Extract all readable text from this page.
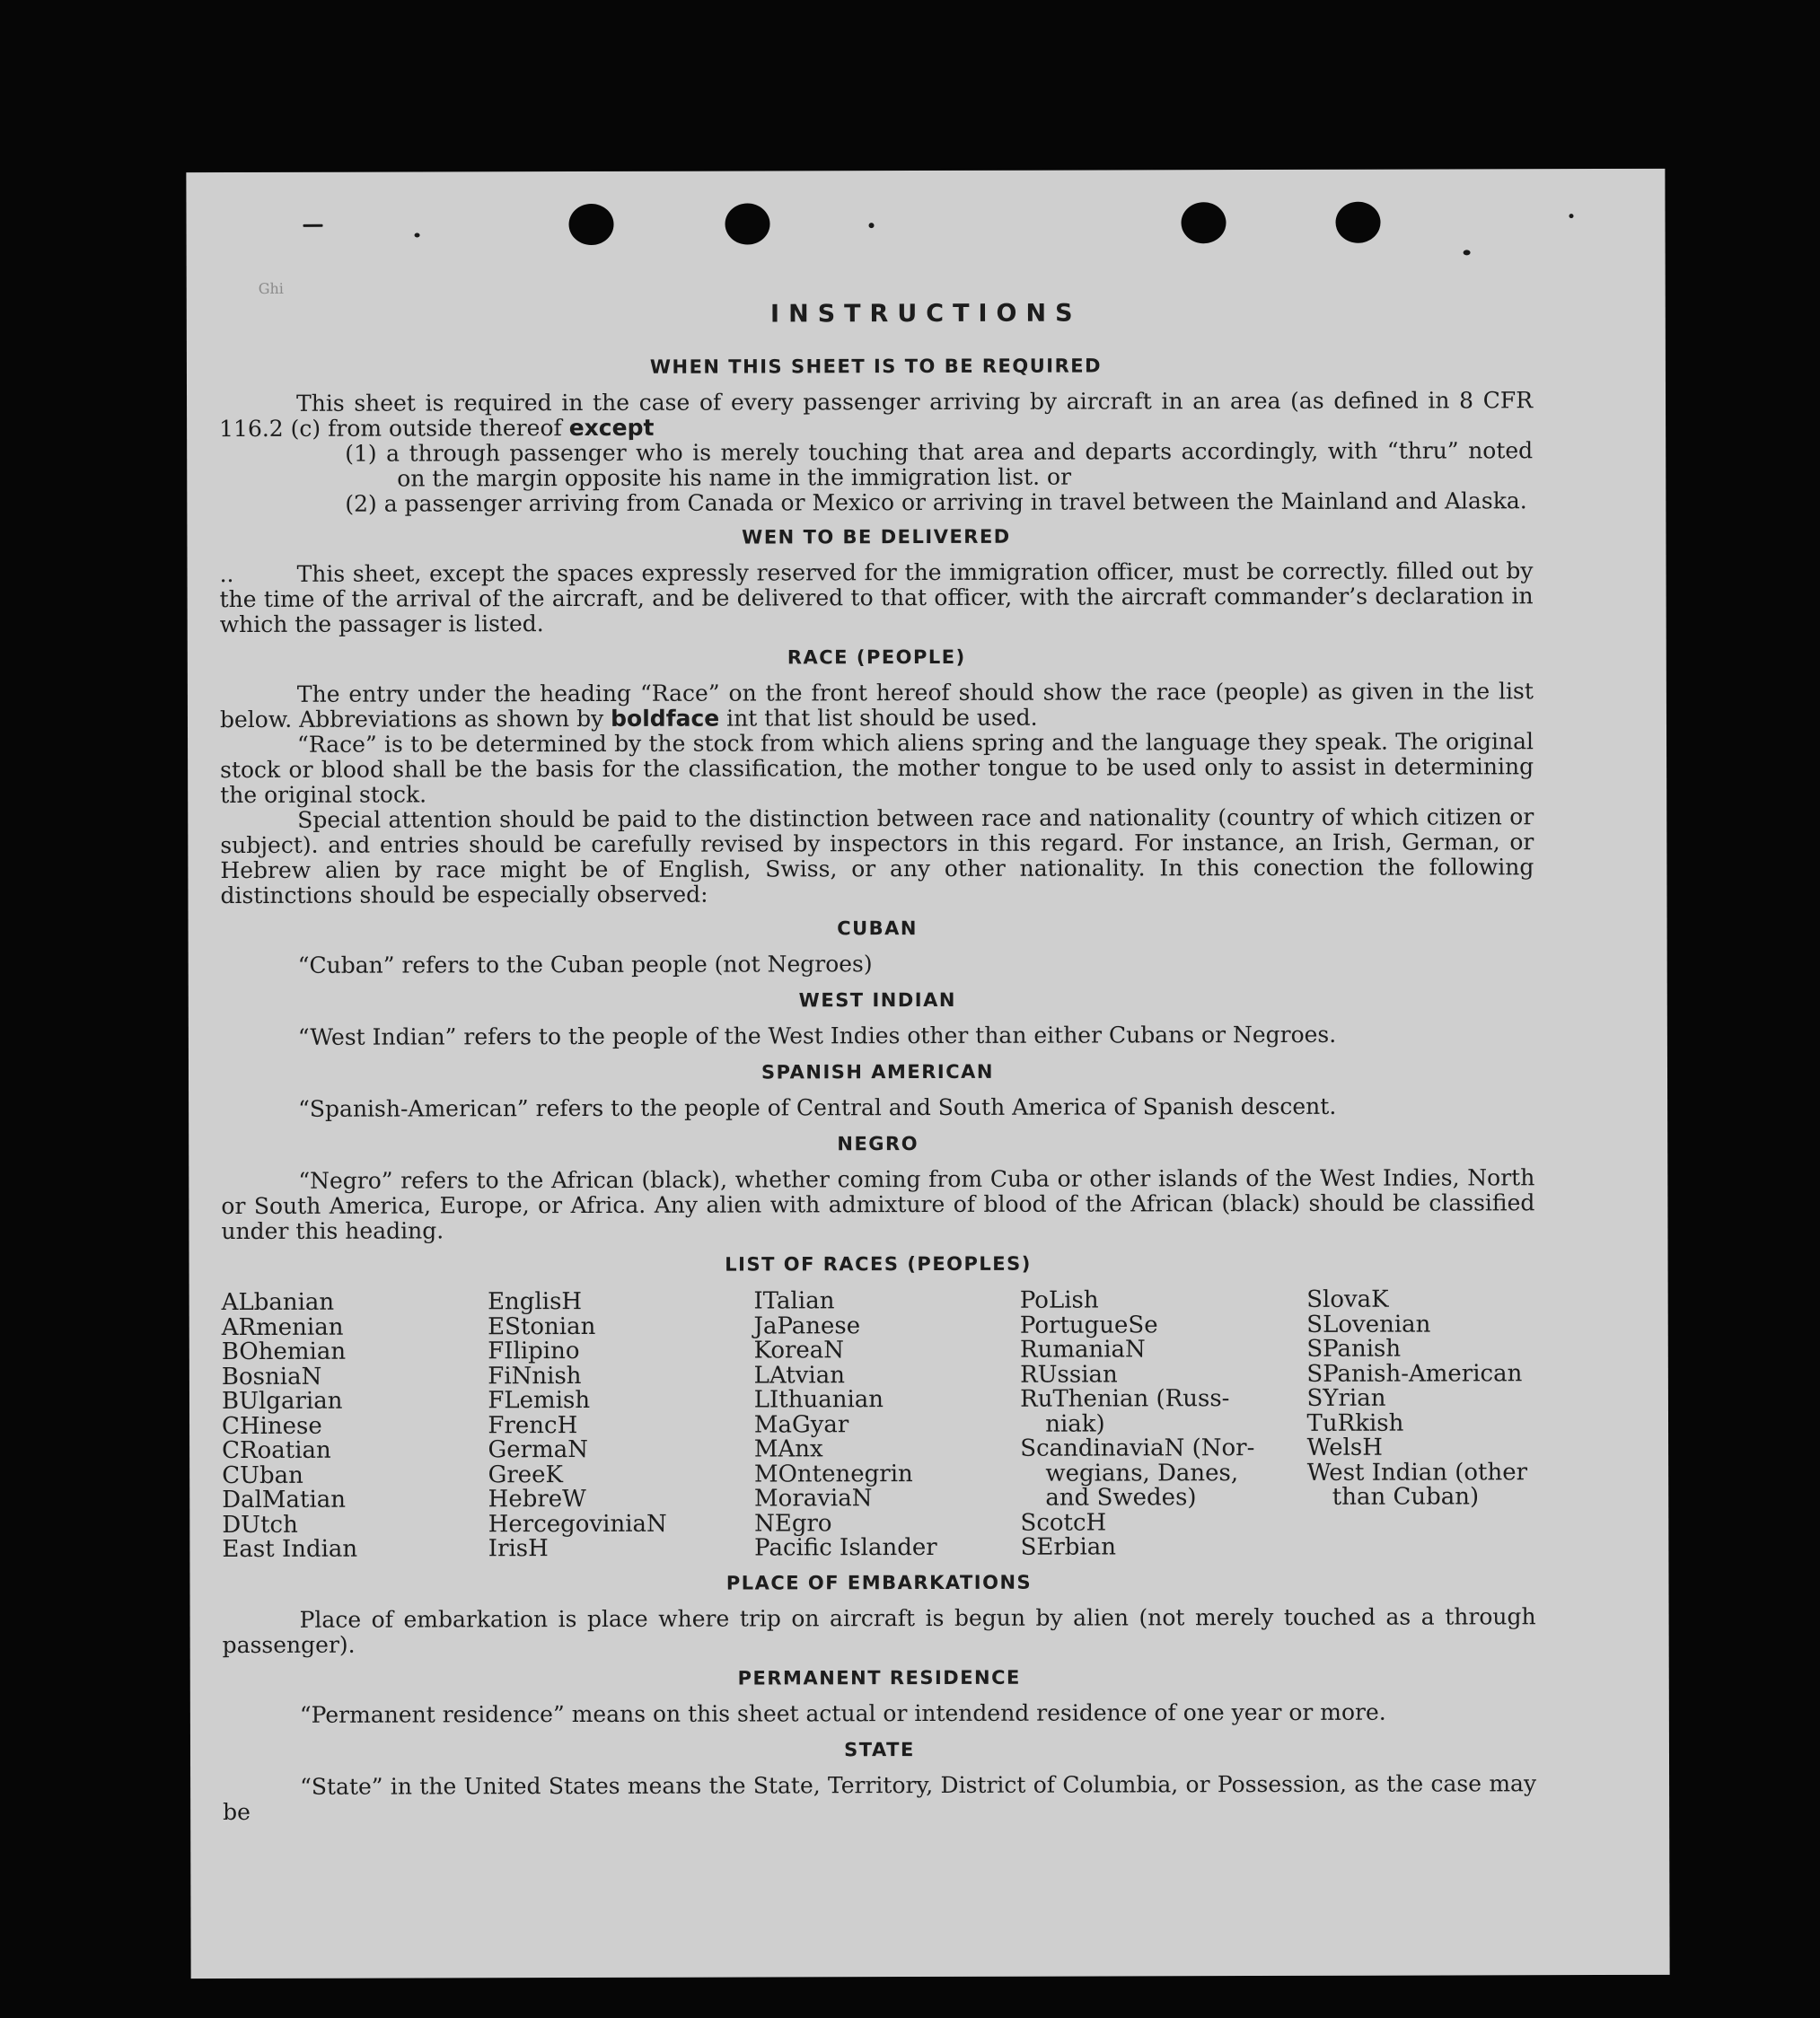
Ghi
INSTRUCTIONS
WHEN THIS SHEET IS TO BE REQUIRED

This sheet is required in the case of every passenger arriving by aircraft in an area (as defined in 8 CFR 116.2 (c) from outside thereof except

(1) a through passenger who is merely touching that area and departs accordingly, with “thru” noted on the margin opposite his name in the immigration list. or
(2) a passenger arriving from Canada or Mexico or arriving in travel between the Mainland and Alaska.
WEN TO BE DELIVERED

..	This sheet, except the spaces expressly reserved for the immigration officer, must be correctly. filled out by the time of the arrival of the aircraft, and be delivered to that officer, with the aircraft commander’s declaration in which the passager is listed.

RACE (PEOPLE)

The entry under the heading “Race” on the front hereof should show the race (people) as given in the list below. Abbreviations as shown by boldface int that list should be used.

“Race” is to be determined by the stock from which aliens spring and the language they speak. The original stock or blood shall be the basis for the classification, the mother tongue to be used only to assist in determining the original stock.

Special attention should be paid to the distinction between race and nationality (country of which citizen or subject). and entries should be carefully revised by inspectors in this regard. For instance, an Irish, German, or Hebrew alien by race might be of English, Swiss, or any other nationality. In this conection the following distinctions should be especially observed:

CUBAN

“Cuban” refers to the Cuban people (not Negroes)

WEST INDIAN

“West Indian” refers to the people of the West Indies other than either Cubans or Negroes.

SPANISH AMERICAN

“Spanish-American” refers to the people of Central and South America of Spanish descent.

NEGRO

“Negro” refers to the African (black), whether coming from Cuba or other islands of the West Indies, North or South America, Europe, or Africa. Any alien with admixture of blood of the African (black) should be classified under this heading.

LIST OF RACES (PEOPLES)
ALbanian
ARmenian
BOhemian
BosniaN
BUlgarian
CHinese
CRoatian
CUban
DalMatian
DUtch
East Indian
EnglisH
EStonian
FIlipino
FiNnish
FLemish
FrencH
GermaN
GreeK
HebreW
HercegoviniaN
IrisH
ITalian
JaPanese
KoreaN
LAtvian
LIthuanian
MaGyar
MAnx
MOntenegrin
MoraviaN
NEgro
Pacific Islander
PoLish
PortugueSe
RumaniaN
RUssian
RuThenian (Russ-
niak)
ScandinaviaN (Nor-
wegians, Danes,
and Swedes)
ScotcH
SErbian
SlovaK
SLovenian
SPanish
SPanish-American
SYrian
TuRkish
WelsH
West Indian (other
than Cuban)
PLACE OF EMBARKATIONS

Place of embarkation is place where trip on aircraft is begun by alien (not merely touched as a through passenger).

PERMANENT RESIDENCE

“Permanent residence” means on this sheet actual or intendend residence of one year or more.

STATE

“State” in the United States means the State, Territory, District of Columbia, or Possession, as the case may be
